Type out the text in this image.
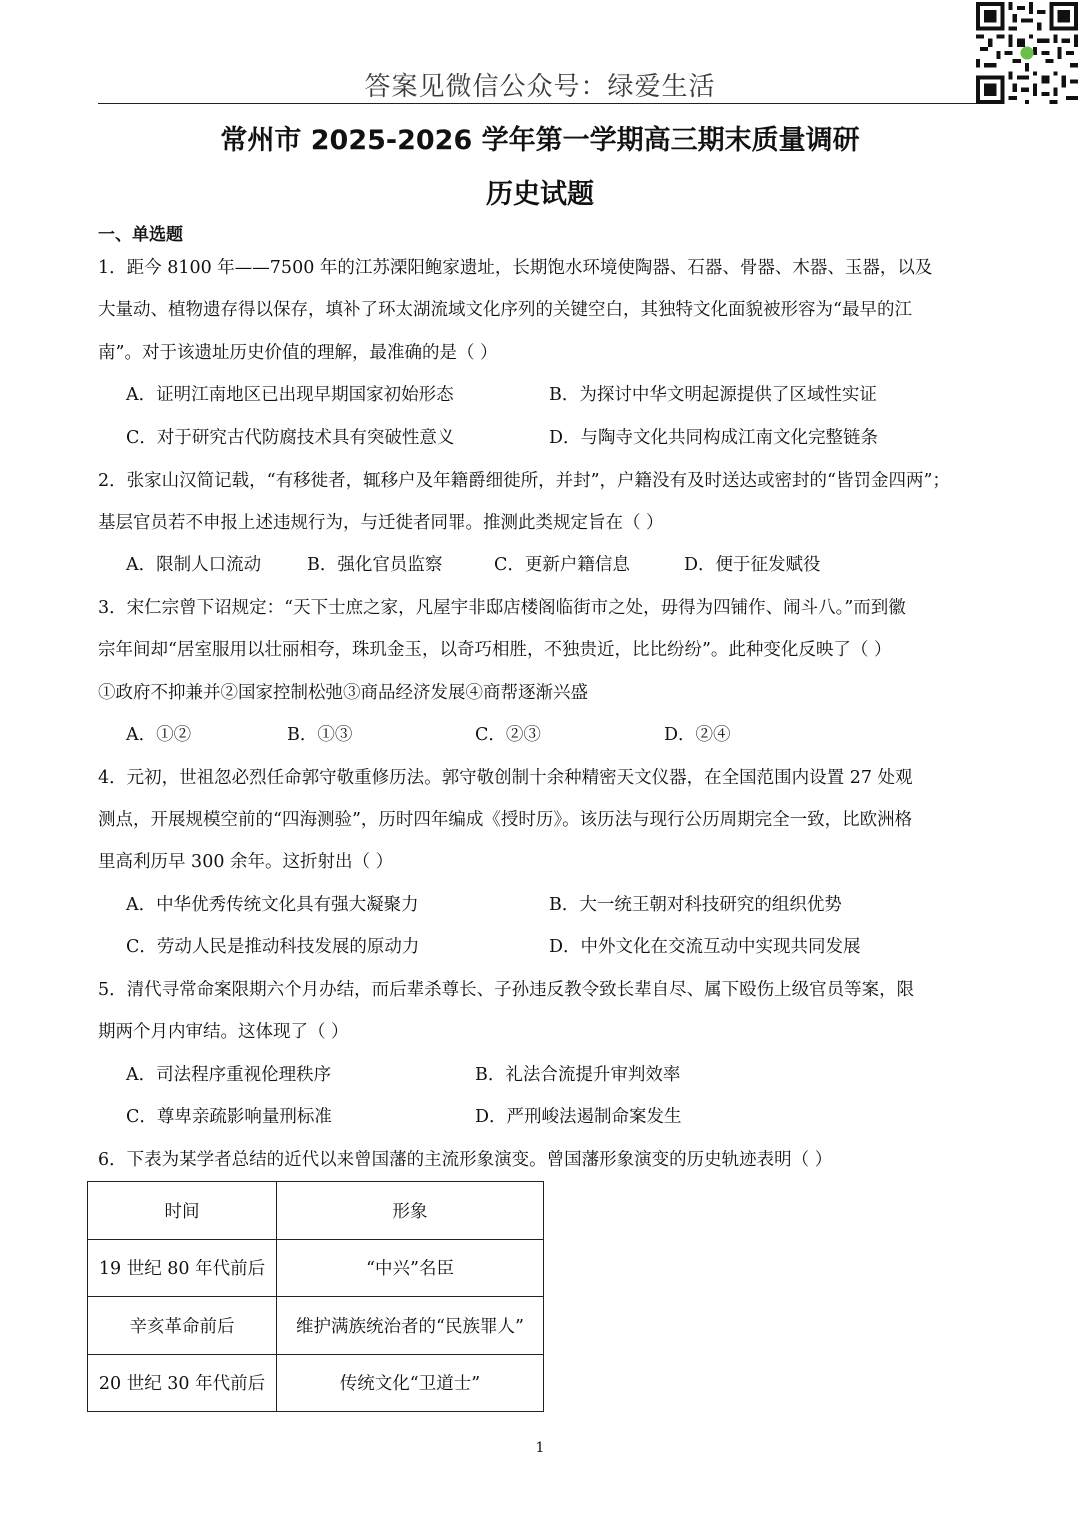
答案见微信公众号：绿爱生活
常州市 2025-2026 学年第一学期高三期末质量调研
历史试题
一、单选题
1．距今 8100 年——7500 年的江苏溧阳鲍家遗址，长期饱水环境使陶器、石器、骨器、木器、玉器，以及
大量动、植物遗存得以保存，填补了环太湖流域文化序列的关键空白，其独特文化面貌被形容为“最早的江
南”。对于该遗址历史价值的理解，最准确的是（ ）
A．证明江南地区已出现早期国家初始形态	B．为探讨中华文明起源提供了区域性实证
C．对于研究古代防腐技术具有突破性意义	D．与陶寺文化共同构成江南文化完整链条
2．张家山汉简记载，“有移徙者，辄移户及年籍爵细徙所，并封”，户籍没有及时送达或密封的“皆罚金四两”；
基层官员若不申报上述违规行为，与迁徙者同罪。推测此类规定旨在（ ）
A．限制人口流动	B．强化官员监察	C．更新户籍信息	D．便于征发赋役
3．宋仁宗曾下诏规定：“天下士庶之家，凡屋宇非邸店楼阁临街市之处，毋得为四铺作、闹斗八。”而到徽
宗年间却“居室服用以壮丽相夸，珠玑金玉，以奇巧相胜，不独贵近，比比纷纷”。此种变化反映了（ ）
①政府不抑兼并②国家控制松弛③商品经济发展④商帮逐渐兴盛
A．①②	B．①③	C．②③	D．②④
4．元初，世祖忽必烈任命郭守敬重修历法。郭守敬创制十余种精密天文仪器，在全国范围内设置 27 处观
测点，开展规模空前的“四海测验”，历时四年编成《授时历》。该历法与现行公历周期完全一致，比欧洲格
里高利历早 300 余年。这折射出（ ）
A．中华优秀传统文化具有强大凝聚力	B．大一统王朝对科技研究的组织优势
C．劳动人民是推动科技发展的原动力	D．中外文化在交流互动中实现共同发展
5．清代寻常命案限期六个月办结，而后辈杀尊长、子孙违反教令致长辈自尽、属下殴伤上级官员等案，限
期两个月内审结。这体现了（ ）
A．司法程序重视伦理秩序	B．礼法合流提升审判效率
C．尊卑亲疏影响量刑标准	D．严刑峻法遏制命案发生
6．下表为某学者总结的近代以来曾国藩的主流形象演变。曾国藩形象演变的历史轨迹表明（ ）
时间	形象
19 世纪 80 年代前后	“中兴”名臣
辛亥革命前后	维护满族统治者的“民族罪人”
20 世纪 30 年代前后	传统文化“卫道士”
1
